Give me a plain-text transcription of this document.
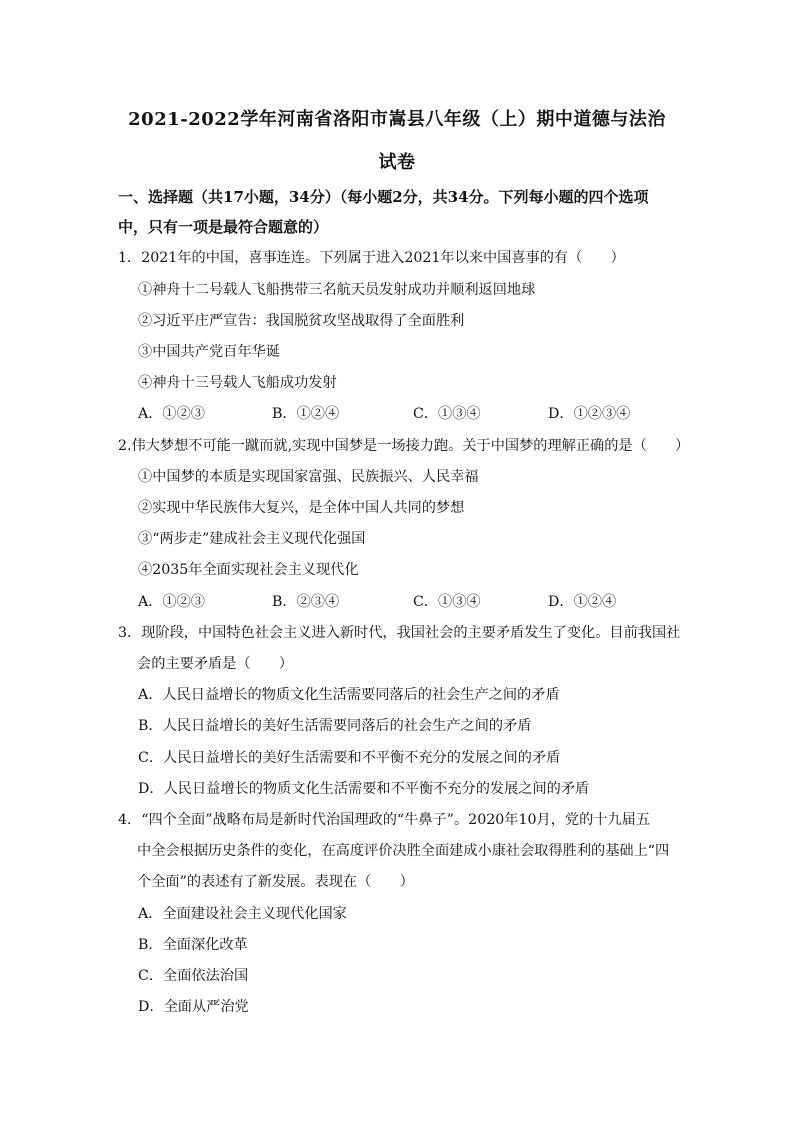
2021-2022学年河南省洛阳市嵩县八年级（上）期中道德与法治
试卷
一、选择题（共17小题，34分）（每小题2分，共34分。下列每小题的四个选项中，只有一项是最符合题意的）
1．2021年的中国，喜事连连。下列属于进入2021年以来中国喜事的有（　　）
①神舟十二号载人飞船携带三名航天员发射成功并顺利返回地球
②习近平庄严宣告：我国脱贫攻坚战取得了全面胜利
③中国共产党百年华诞
④神舟十三号载人飞船成功发射
A．①②③	B．①②④	C．①③④	D．①②③④
2.伟大梦想不可能一蹴而就,实现中国梦是一场接力跑。关于中国梦的理解正确的是（　　）
①中国梦的本质是实现国家富强、民族振兴、人民幸福
②实现中华民族伟大复兴，是全体中国人共同的梦想
③“两步走”建成社会主义现代化强国
④2035年全面实现社会主义现代化
A．①②③	B．②③④	C．①③④	D．①②④
3．现阶段，中国特色社会主义进入新时代，我国社会的主要矛盾发生了变化。目前我国社
会的主要矛盾是（　　）
A．人民日益增长的物质文化生活需要同落后的社会生产之间的矛盾
B．人民日益增长的美好生活需要同落后的社会生产之间的矛盾
C．人民日益增长的美好生活需要和不平衡不充分的发展之间的矛盾
D．人民日益增长的物质文化生活需要和不平衡不充分的发展之间的矛盾
4．“四个全面”战略布局是新时代治国理政的“牛鼻子”。2020年10月，党的十九届五
中全会根据历史条件的变化，在高度评价决胜全面建成小康社会取得胜利的基础上“四
个全面”的表述有了新发展。表现在（　　）
A．全面建设社会主义现代化国家
B．全面深化改革
C．全面依法治国
D．全面从严治党
